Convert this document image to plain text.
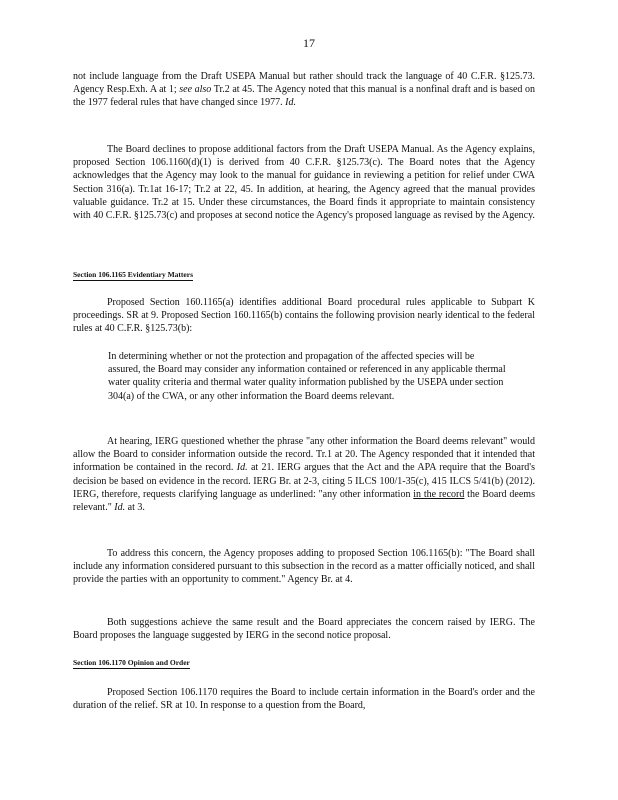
17

not include language from the Draft USEPA Manual but rather should track the language of 40 C.F.R. §125.73. Agency Resp.Exh. A at 1; see also Tr.2 at 45. The Agency noted that this manual is a nonfinal draft and is based on the 1977 federal rules that have changed since 1977. Id.

The Board declines to propose additional factors from the Draft USEPA Manual. As the Agency explains, proposed Section 106.1160(d)(1) is derived from 40 C.F.R. §125.73(c). The Board notes that the Agency acknowledges that the Agency may look to the manual for guidance in reviewing a petition for relief under CWA Section 316(a). Tr.1at 16-17; Tr.2 at 22, 45. In addition, at hearing, the Agency agreed that the manual provides valuable guidance. Tr.2 at 15. Under these circumstances, the Board finds it appropriate to maintain consistency with 40 C.F.R. §125.73(c) and proposes at second notice the Agency's proposed language as revised by the Agency.

Section 106.1165 Evidentiary Matters

Proposed Section 160.1165(a) identifies additional Board procedural rules applicable to Subpart K proceedings. SR at 9. Proposed Section 160.1165(b) contains the following provision nearly identical to the federal rules at 40 C.F.R. §125.73(b):

In determining whether or not the protection and propagation of the affected species will be assured, the Board may consider any information contained or referenced in any applicable thermal water quality criteria and thermal water quality information published by the USEPA under section 304(a) of the CWA, or any other information the Board deems relevant.

At hearing, IERG questioned whether the phrase "any other information the Board deems relevant" would allow the Board to consider information outside the record. Tr.1 at 20. The Agency responded that it intended that information be contained in the record. Id. at 21. IERG argues that the Act and the APA require that the Board's decision be based on evidence in the record. IERG Br. at 2-3, citing 5 ILCS 100/1-35(c), 415 ILCS 5/41(b) (2012). IERG, therefore, requests clarifying language as underlined: "any other information in the record the Board deems relevant." Id. at 3.

To address this concern, the Agency proposes adding to proposed Section 106.1165(b): "The Board shall include any information considered pursuant to this subsection in the record as a matter officially noticed, and shall provide the parties with an opportunity to comment." Agency Br. at 4.

Both suggestions achieve the same result and the Board appreciates the concern raised by IERG. The Board proposes the language suggested by IERG in the second notice proposal.

Section 106.1170 Opinion and Order

Proposed Section 106.1170 requires the Board to include certain information in the Board's order and the duration of the relief. SR at 10. In response to a question from the Board,
